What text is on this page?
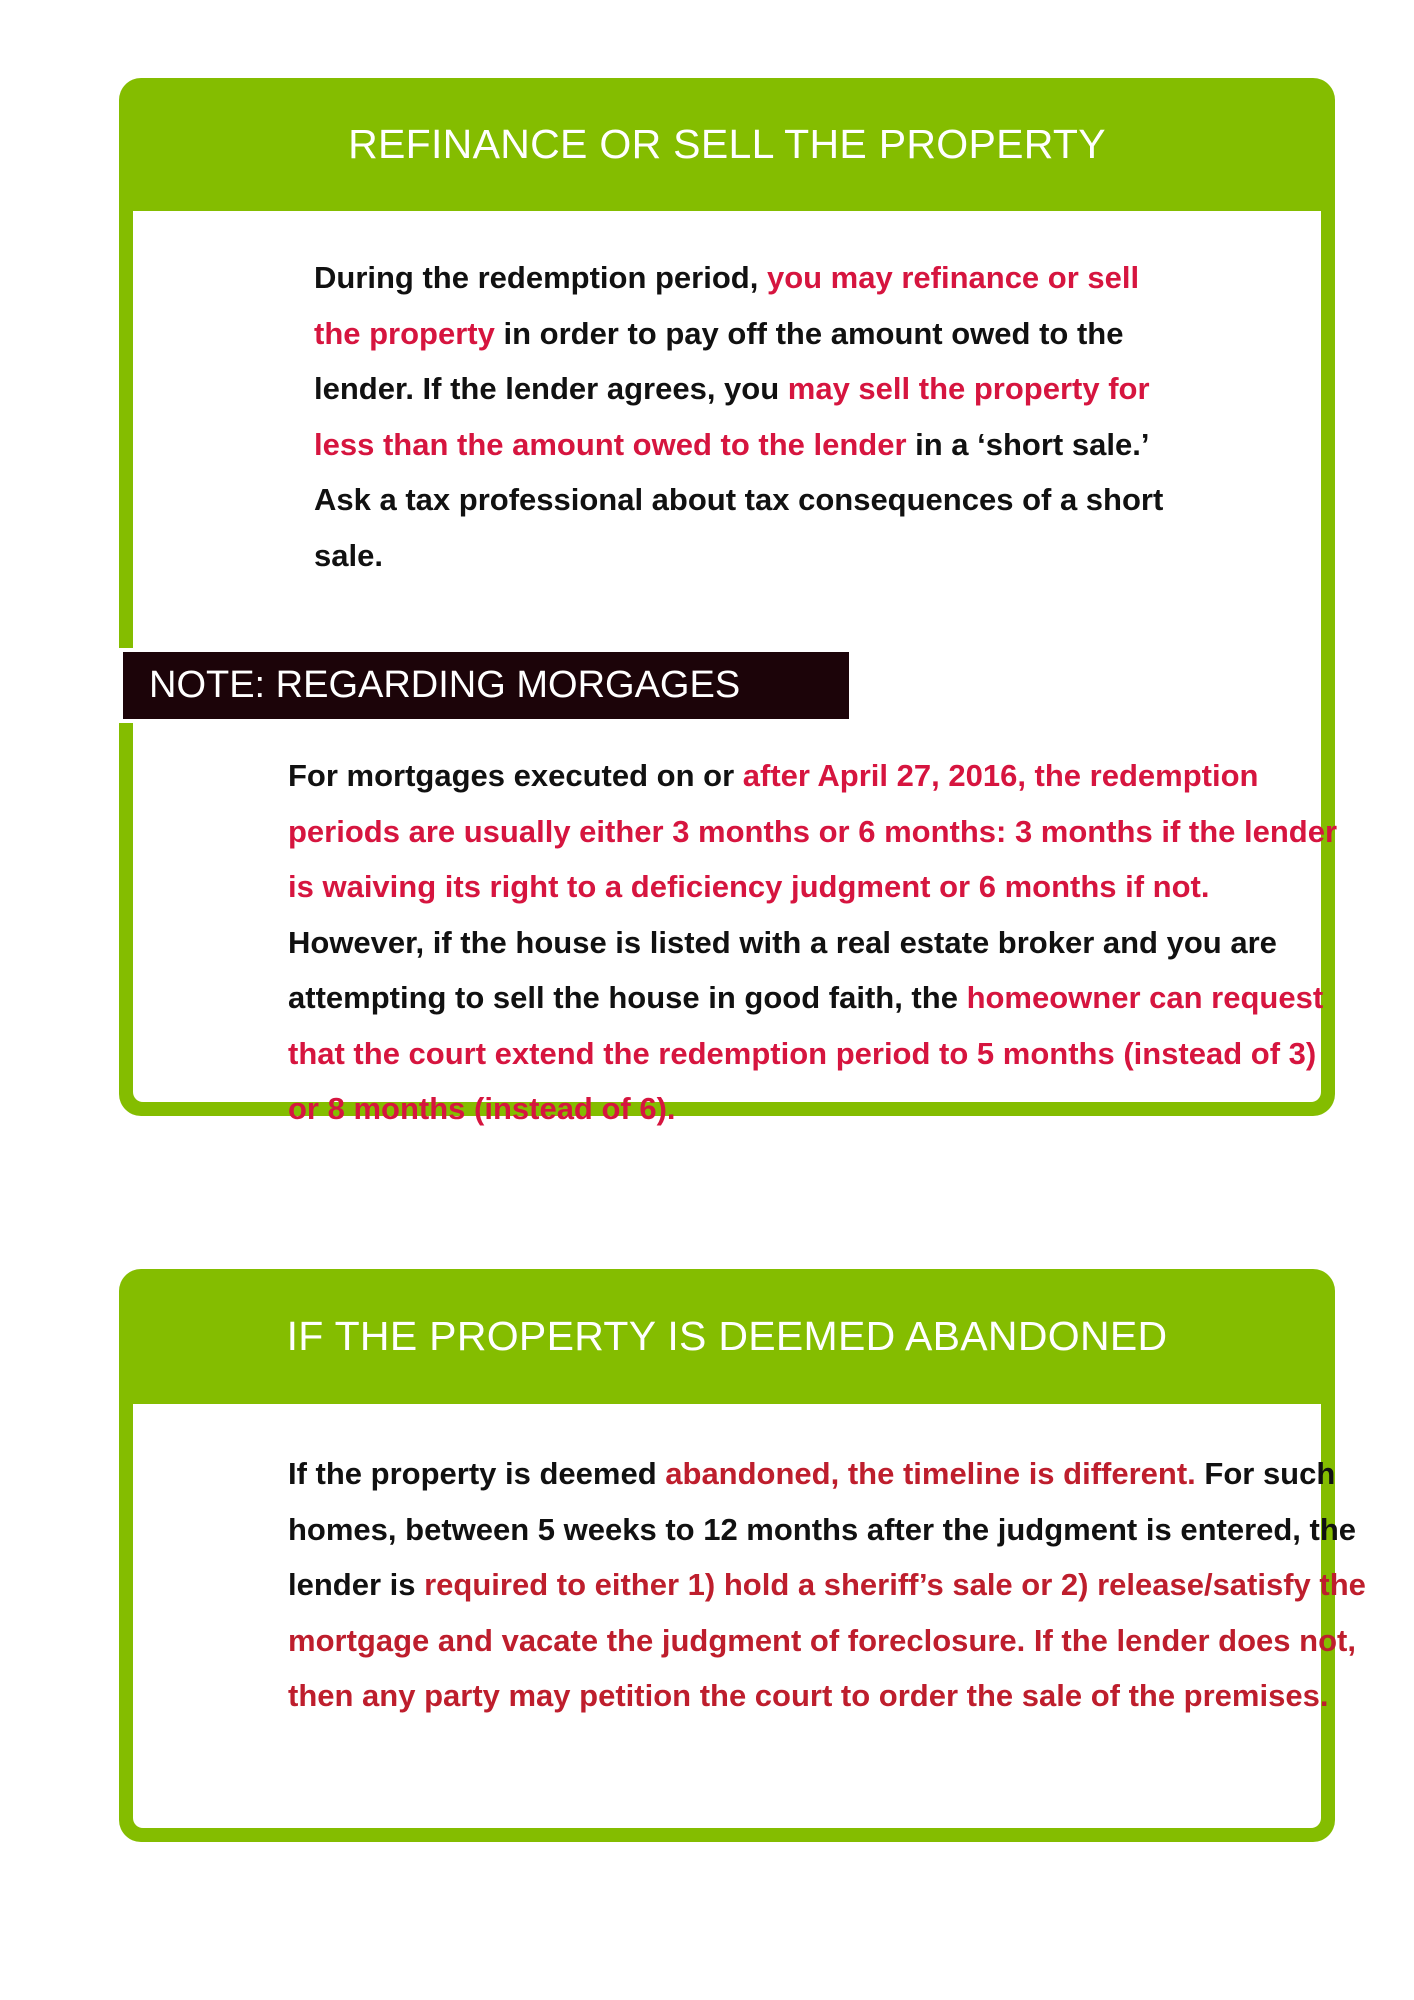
REFINANCE OR SELL THE PROPERTY

During the redemption period, you may refinance or sell the property in order to pay off the amount owed to the lender. If the lender agrees, you may sell the property for less than the amount owed to the lender in a ‘short sale.’ Ask a tax professional about tax consequences of a short sale.

NOTE: REGARDING MORGAGES

For mortgages executed on or after April 27, 2016, the redemption periods are usually either 3 months or 6 months: 3 months if the lender is waiving its right to a deficiency judgment or 6 months if not. However, if the house is listed with a real estate broker and you are attempting to sell the house in good faith, the homeowner can request that the court extend the redemption period to 5 months (instead of 3) or 8 months (instead of 6).

IF THE PROPERTY IS DEEMED ABANDONED

If the property is deemed abandoned, the timeline is different. For such homes, between 5 weeks to 12 months after the judgment is entered, the lender is required to either 1) hold a sheriff’s sale or 2) release/satisfy the mortgage and vacate the judgment of foreclosure. If the lender does not, then any party may petition the court to order the sale of the premises.
